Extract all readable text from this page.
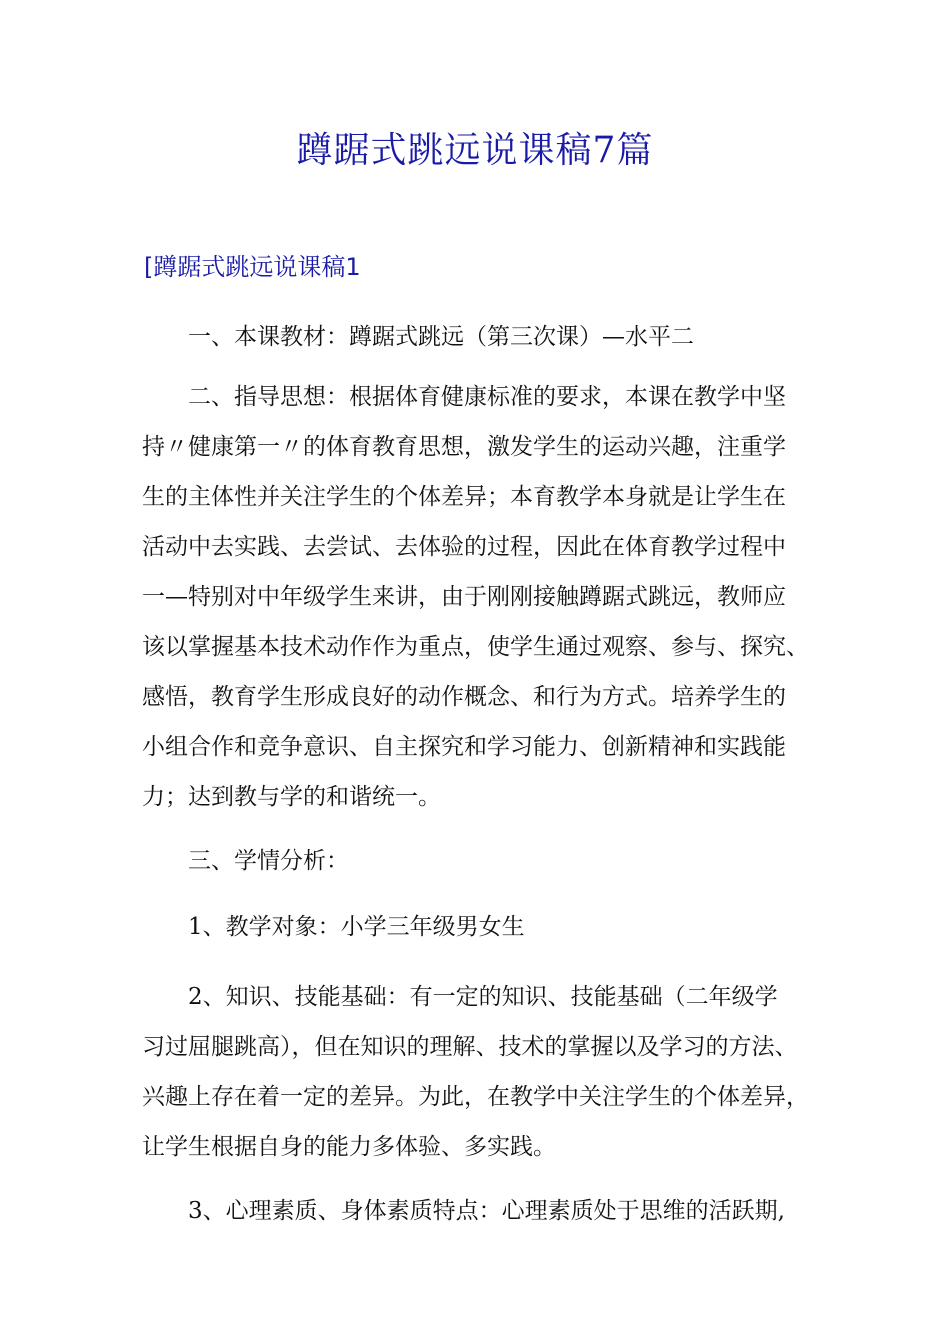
蹲踞式跳远说课稿7篇
[蹲踞式跳远说课稿1

一、本课教材：蹲踞式跳远（第三次课）—水平二

二、指导思想：根据体育健康标准的要求，本课在教学中坚
持〃健康第一〃的体育教育思想，激发学生的运动兴趣，注重学
生的主体性并关注学生的个体差异；本育教学本身就是让学生在
活动中去实践、去尝试、去体验的过程，因此在体育教学过程中
一—特别对中年级学生来讲，由于刚刚接触蹲踞式跳远，教师应
该以掌握基本技术动作作为重点，使学生通过观察、参与、探究、
感悟，教育学生形成良好的动作概念、和行为方式。培养学生的
小组合作和竞争意识、自主探究和学习能力、创新精神和实践能
力；达到教与学的和谐统一。

三、学情分析：

1、教学对象：小学三年级男女生

2、知识、技能基础：有一定的知识、技能基础（二年级学
习过屈腿跳高），但在知识的理解、技术的掌握以及学习的方法、
兴趣上存在着一定的差异。为此，在教学中关注学生的个体差异，
让学生根据自身的能力多体验、多实践。

3、心理素质、身体素质特点：心理素质处于思维的活跃期,
